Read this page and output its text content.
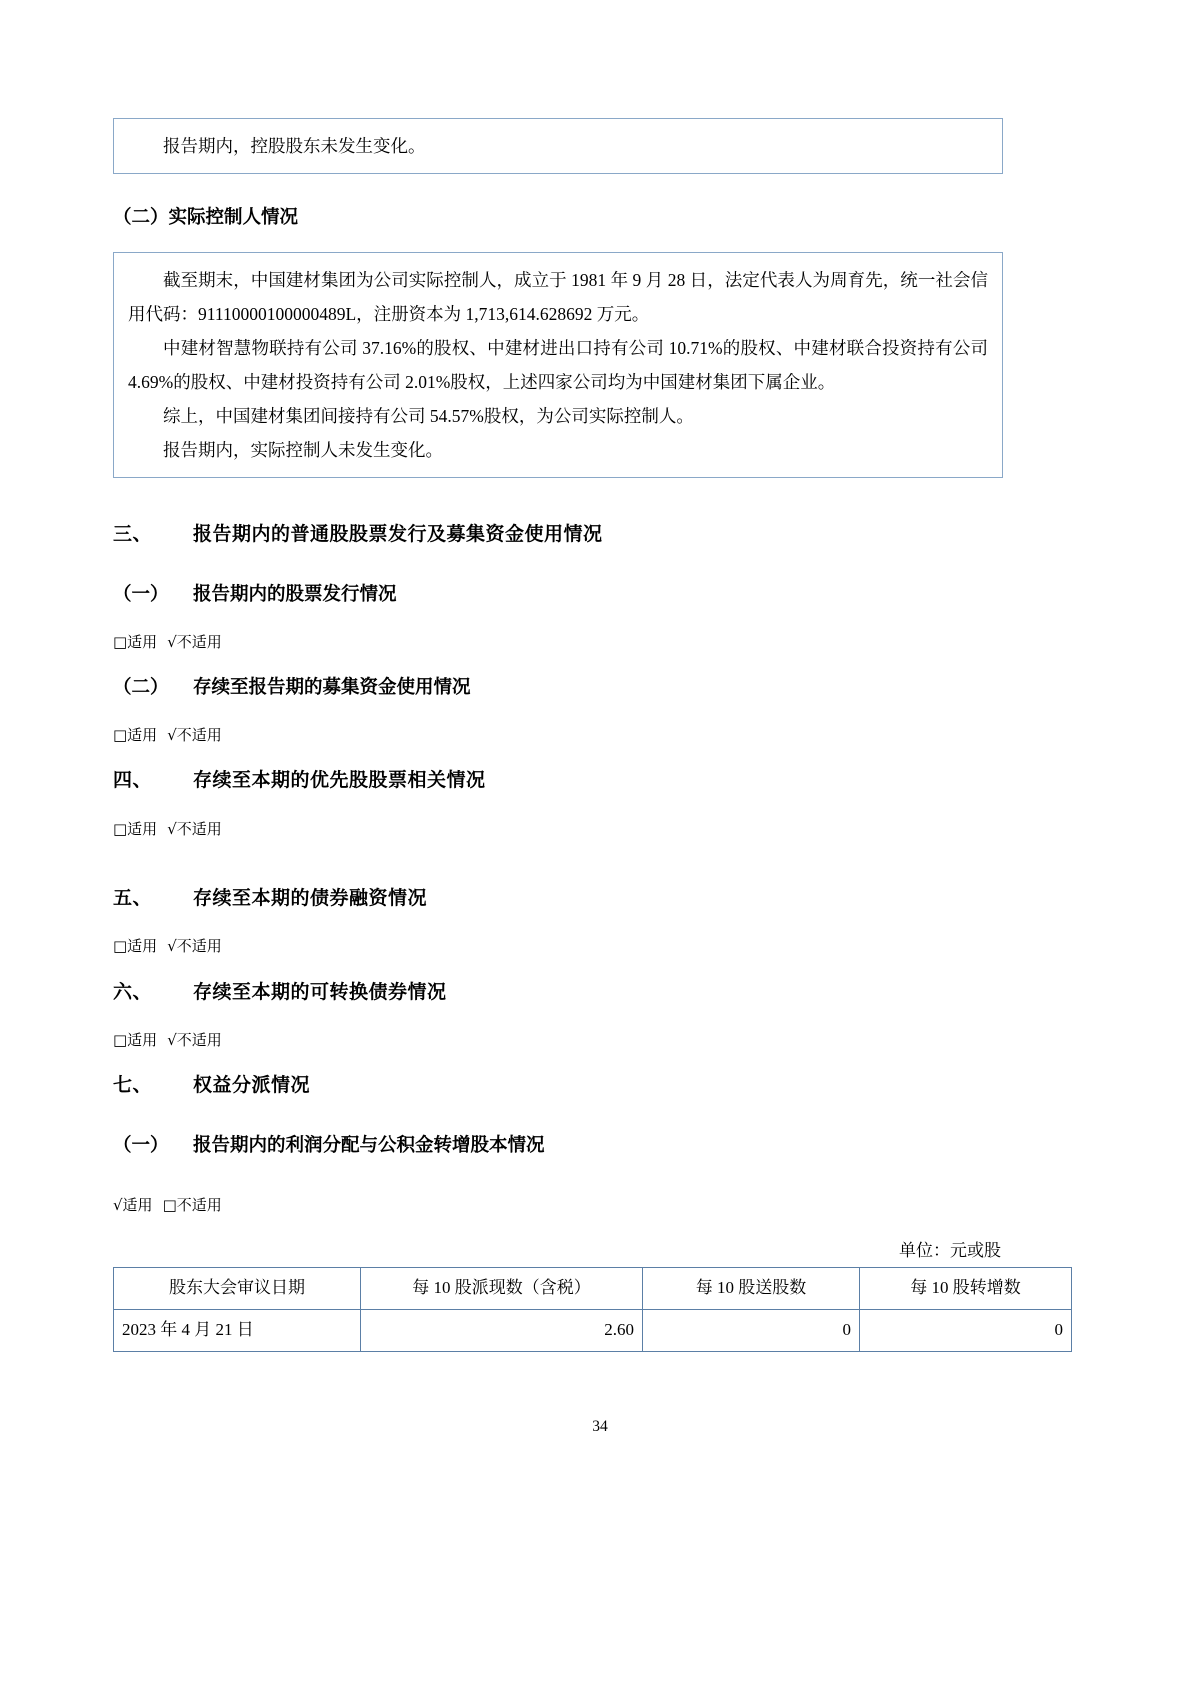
报告期内，控股股东未发生变化。

（二）实际控制人情况

截至期末，中国建材集团为公司实际控制人，成立于 1981 年 9 月 28 日，法定代表人为周育先，统一社会信用代码：91110000100000489L，注册资本为 1,713,614.628692 万元。

中建材智慧物联持有公司 37.16%的股权、中建材进出口持有公司 10.71%的股权、中建材联合投资持有公司 4.69%的股权、中建材投资持有公司 2.01%股权，上述四家公司均为中国建材集团下属企业。

综上，中国建材集团间接持有公司 54.57%股权，为公司实际控制人。

报告期内，实际控制人未发生变化。

三、 报告期内的普通股股票发行及募集资金使用情况
（一） 报告期内的股票发行情况

□适用 √不适用

（二） 存续至报告期的募集资金使用情况

□适用 √不适用

四、 存续至本期的优先股股票相关情况

□适用 √不适用

五、 存续至本期的债券融资情况

□适用 √不适用

六、 存续至本期的可转换债券情况

□适用 √不适用

七、 权益分派情况
（一） 报告期内的利润分配与公积金转增股本情况

√适用 □不适用

单位：元或股

股东大会审议日期	每 10 股派现数（含税）	每 10 股送股数	每 10 股转增数
2023 年 4 月 21 日	2.60	0	0
34
